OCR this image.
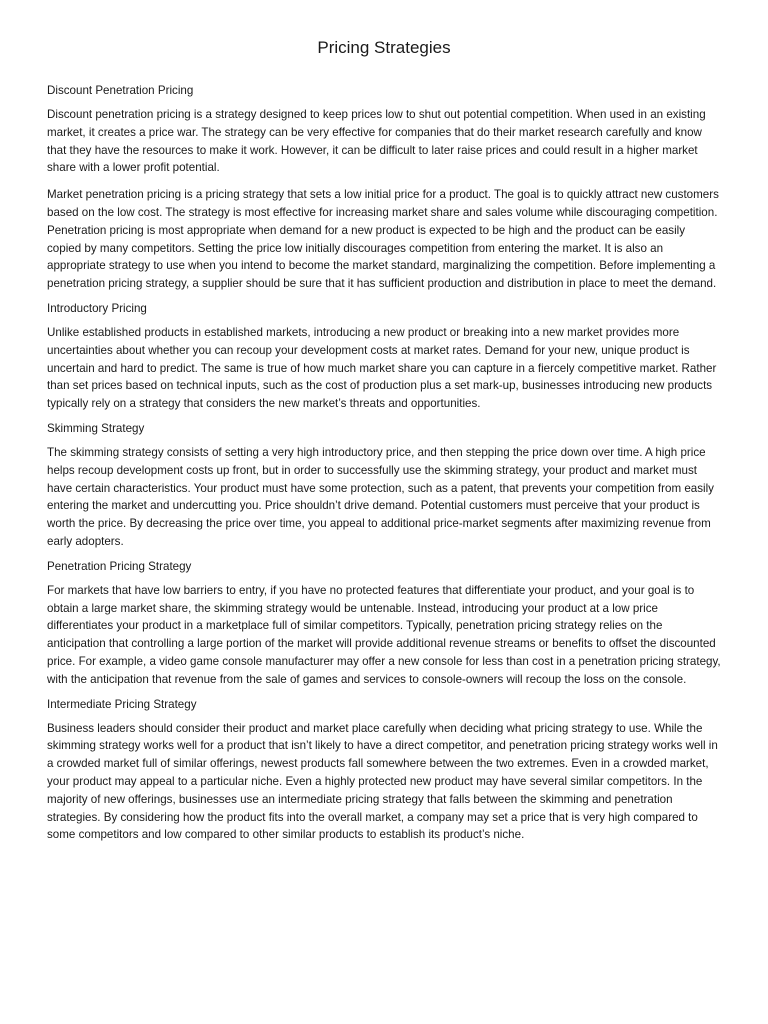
Pricing Strategies
Discount Penetration Pricing

Discount penetration pricing is a strategy designed to keep prices low to shut out potential competition. When used in an existing market, it creates a price war. The strategy can be very effective for companies that do their market research carefully and know that they have the resources to make it work. However, it can be difficult to later raise prices and could result in a higher market share with a lower profit potential.

Market penetration pricing is a pricing strategy that sets a low initial price for a product. The goal is to quickly attract new customers based on the low cost. The strategy is most effective for increasing market share and sales volume while discouraging competition. Penetration pricing is most appropriate when demand for a new product is expected to be high and the product can be easily copied by many competitors. Setting the price low initially discourages competition from entering the market. It is also an appropriate strategy to use when you intend to become the market standard, marginalizing the competition. Before implementing a penetration pricing strategy, a supplier should be sure that it has sufficient production and distribution in place to meet the demand.

Introductory Pricing

Unlike established products in established markets, introducing a new product or breaking into a new market provides more uncertainties about whether you can recoup your development costs at market rates. Demand for your new, unique product is uncertain and hard to predict. The same is true of how much market share you can capture in a fiercely competitive market. Rather than set prices based on technical inputs, such as the cost of production plus a set mark-up, businesses introducing new products typically rely on a strategy that considers the new market’s threats and opportunities.

Skimming Strategy

The skimming strategy consists of setting a very high introductory price, and then stepping the price down over time. A high price helps recoup development costs up front, but in order to successfully use the skimming strategy, your product and market must have certain characteristics. Your product must have some protection, such as a patent, that prevents your competition from easily entering the market and undercutting you. Price shouldn’t drive demand. Potential customers must perceive that your product is worth the price. By decreasing the price over time, you appeal to additional price-market segments after maximizing revenue from early adopters.

Penetration Pricing Strategy

For markets that have low barriers to entry, if you have no protected features that differentiate your product, and your goal is to obtain a large market share, the skimming strategy would be untenable. Instead, introducing your product at a low price differentiates your product in a marketplace full of similar competitors. Typically, penetration pricing strategy relies on the anticipation that controlling a large portion of the market will provide additional revenue streams or benefits to offset the discounted price. For example, a video game console manufacturer may offer a new console for less than cost in a penetration pricing strategy, with the anticipation that revenue from the sale of games and services to console-owners will recoup the loss on the console.

Intermediate Pricing Strategy

Business leaders should consider their product and market place carefully when deciding what pricing strategy to use. While the skimming strategy works well for a product that isn’t likely to have a direct competitor, and penetration pricing strategy works well in a crowded market full of similar offerings, newest products fall somewhere between the two extremes. Even in a crowded market, your product may appeal to a particular niche. Even a highly protected new product may have several similar competitors. In the majority of new offerings, businesses use an intermediate pricing strategy that falls between the skimming and penetration strategies. By considering how the product fits into the overall market, a company may set a price that is very high compared to some competitors and low compared to other similar products to establish its product’s niche.
